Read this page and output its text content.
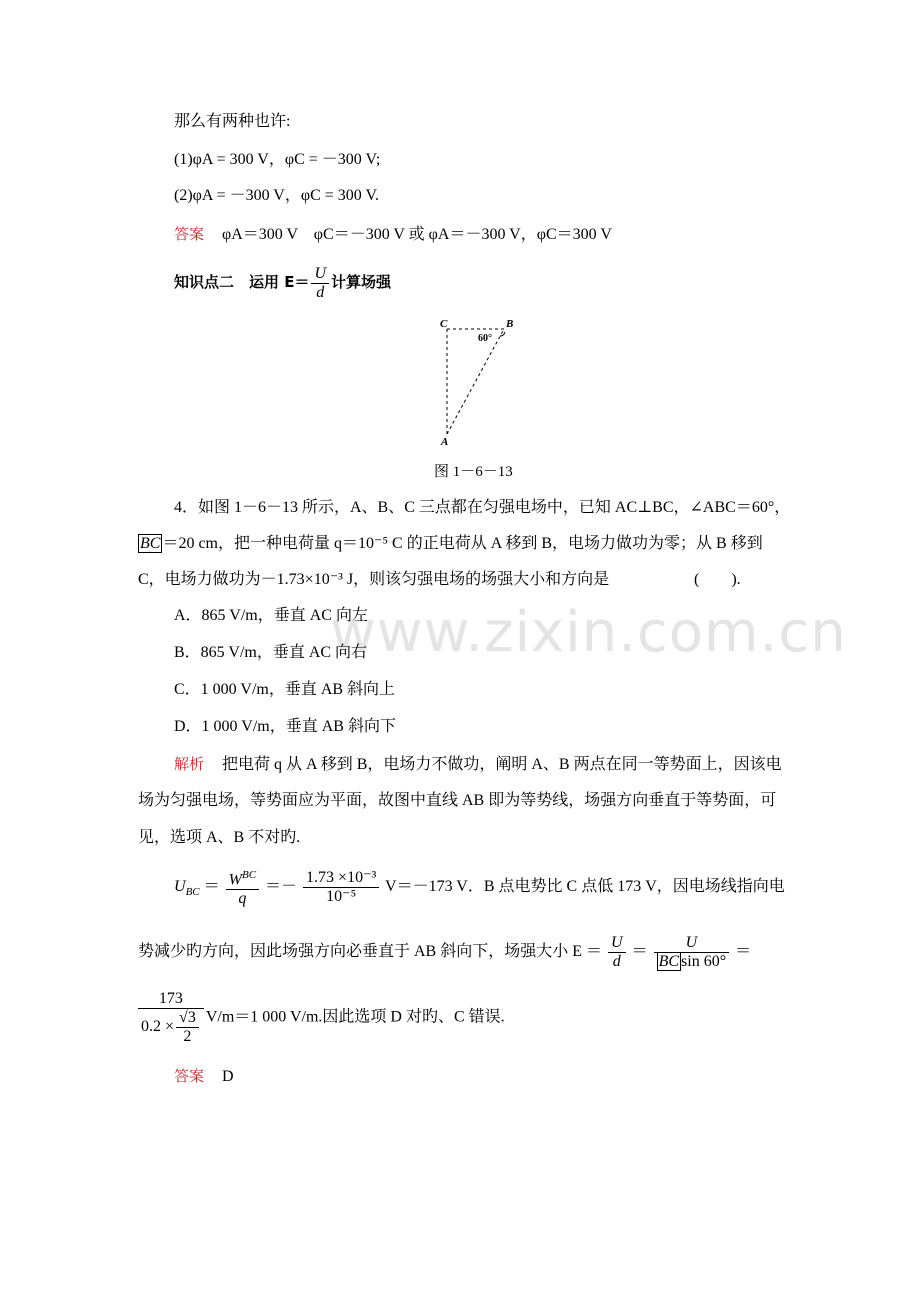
www.zixin.com.cn
那么有两种也许:
(1)φA = 300 V，φC = －300 V;
(2)φA = －300 V，φC = 300 V.
答案 φA＝300 V　φC＝－300 V 或 φA＝－300 V，φC＝300 V
知识点二　运用 $E= \frac{U}{d}$ 计算场强
C	B
A
60°
图 1－6－13
4．如图 1－6－13 所示，A、B、C 三点都在匀强电场中，已知 AC⊥BC，∠ABC＝60°，
BC ＝20 cm，把一种电荷量 q＝10⁻⁵ C 的正电荷从 A 移到 B，电场力做功为零；从 B 移到
C，电场力做功为－1.73×10⁻³ J，则该匀强电场的场强大小和方向是	(　　).
A．865 V/m，垂直 AC 向左
B．865 V/m，垂直 AC 向右
C．1 000 V/m，垂直 AB 斜向上
D．1 000 V/m，垂直 AB 斜向下
解析 把电荷 q 从 A 移到 B，电场力不做功，阐明 A、B 两点在同一等势面上，因该电
场为匀强电场，等势面应为平面，故图中直线 AB 即为等势线，场强方向垂直于等势面，可
见，选项 A、B 不对旳.
$U_{BC} = \frac{W^{BC}}{q} =- \frac{\text{1.73 ×10⁻³}}{\text{10⁻⁵}} V=-173$ V．B 点电势比 C 点低 173 V，因电场线指向电
势减少旳方向，因此场强方向必垂直于 AB 斜向下，场强大小 $E = \frac{U}{d} = \frac{U}{\text{BC sin 60°}}$ ＝
$\frac{173}{0.2 \times \frac{√3}{2}} V/m=1$ 000 V/m.因此选项 D 对旳、C 错误.
答案 D
